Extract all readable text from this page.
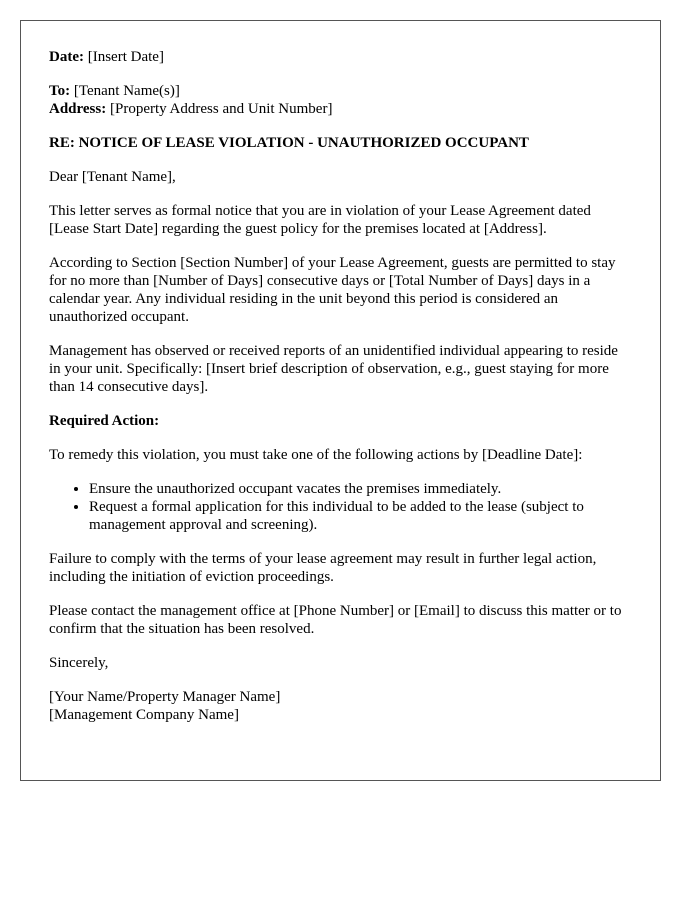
Date: [Insert Date]

To: [Tenant Name(s)]

Address: [Property Address and Unit Number]

RE: NOTICE OF LEASE VIOLATION - UNAUTHORIZED OCCUPANT

Dear [Tenant Name],

This letter serves as formal notice that you are in violation of your Lease Agreement dated [Lease Start Date] regarding the guest policy for the premises located at [Address].

According to Section [Section Number] of your Lease Agreement, guests are permitted to stay for no more than [Number of Days] consecutive days or [Total Number of Days] days in a calendar year. Any individual residing in the unit beyond this period is considered an unauthorized occupant.

Management has observed or received reports of an unidentified individual appearing to reside in your unit. Specifically: [Insert brief description of observation, e.g., guest staying for more than 14 consecutive days].

Required Action:

To remedy this violation, you must take one of the following actions by [Deadline Date]:

• Ensure the unauthorized occupant vacates the premises immediately.
• Request a formal application for this individual to be added to the lease (subject to management approval and screening).

Failure to comply with the terms of your lease agreement may result in further legal action, including the initiation of eviction proceedings.

Please contact the management office at [Phone Number] or [Email] to discuss this matter or to confirm that the situation has been resolved.

Sincerely,

[Your Name/Property Manager Name]

[Management Company Name]
